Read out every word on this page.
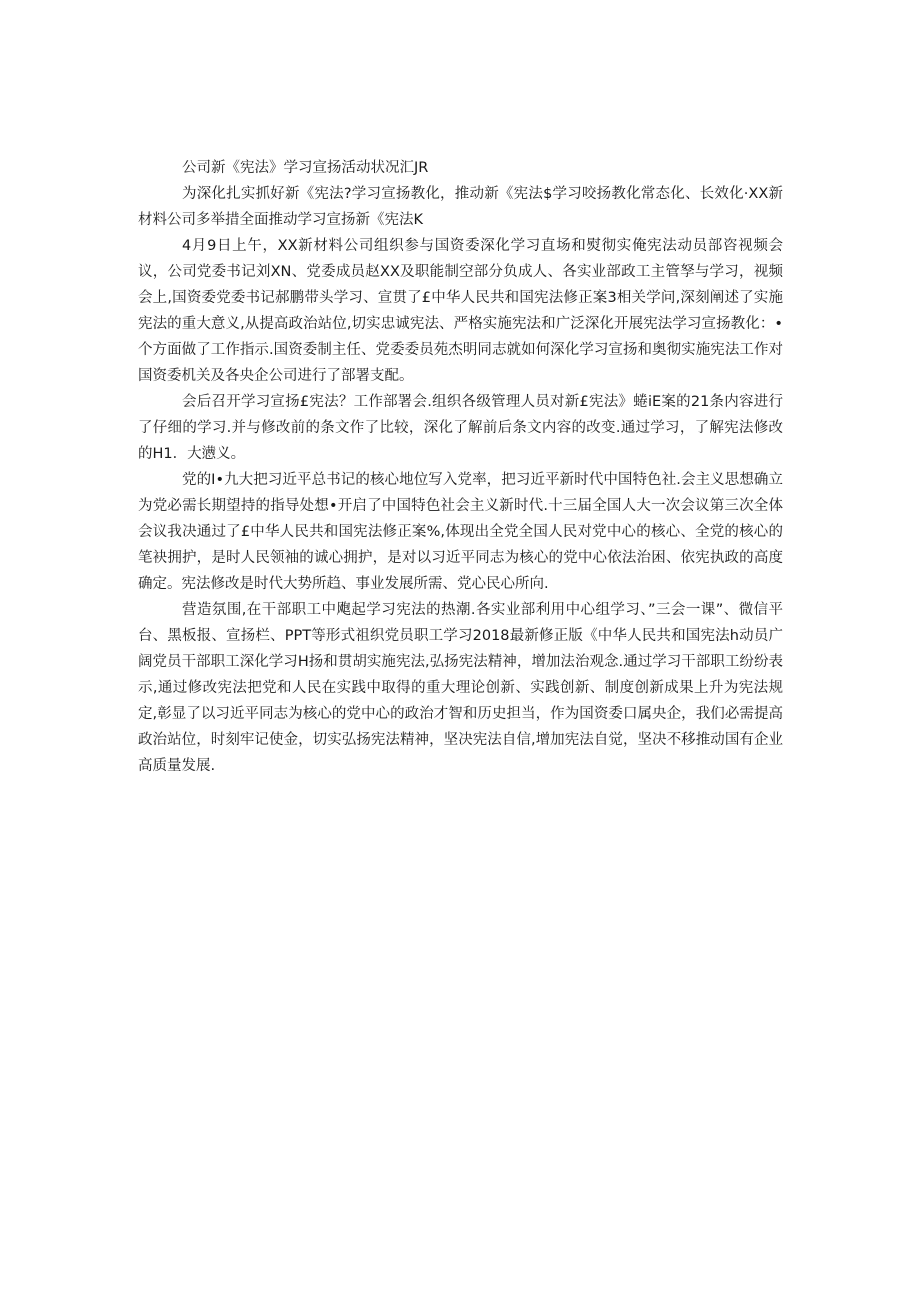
公司新《宪法》学习宣扬活动状况汇JR

为深化扎实抓好新《宪法?学习宣扬教化，推动新《宪法$学习咬扬教化常态化、长效化·XX新材料公司多举措全面推动学习宣扬新《宪法K

4月9日上午，XX新材料公司组织参与国资委深化学习直场和熨彻实俺宪法动员部咨视频会议，公司党委书记刘XN、党委成员赵XX及职能制空部分负成人、各实业部政工主管孥与学习，视频会上,国资委党委书记郝鹏带头学习、宣贯了£中华人民共和国宪法修正案3相关学问,深刻阐述了实施宪法的重大意义,从提高政治站位,切实忠诚宪法、严格实施宪法和广泛深化开展宪法学习宣扬教化：•个方面做了工作指示.国资委制主任、党委委员苑杰明同志就如何深化学习宣扬和奥彻实施宪法工作对国资委机关及各央企公司进行了部署支配。

会后召开学习宣扬£宪法？工作部署会.组织各级管理人员对新£宪法》蜷iE案的21条内容进行了仔细的学习.并与修改前的条文作了比较，深化了解前后条文内容的改变.通过学习，了解宪法修改的H1．大懑义。

党的I•九大把习近平总书记的核心地位写入党率，把习近平新时代中国特色社.会主义思想确立为党必需长期望持的指导处想•开启了中国特色社会主义新时代.十三届全国人大一次会议第三次全体会议我决通过了£中华人民共和国宪法修正案%,体现出全党全国人民对党中心的核心、全党的核心的笔袂拥护，是时人民领袖的诚心拥护，是对以习近平同志为核心的党中心依法治困、依宪执政的高度确定。宪法修改是时代大势所趋、事业发展所需、党心民心所向.

营造氛围,在干部职工中飑起学习宪法的热潮.各实业部利用中心组学习、”三会一课”、微信平台、黑板报、宣扬栏、PPT等形式祖织党员职工学习2018最新修正版《中华人民共和国宪法h动员广阔党员干部职工深化学习H扬和贯胡实施宪法,弘扬宪法精神，增加法治观念.通过学习干部职工纷纷表示,通过修改宪法把党和人民在实践中取得的重大理论创新、实践创新、制度创新成果上升为宪法规定,彰显了以习近平同志为核心的党中心的政治才智和历史担当，作为国资委口属央企，我们必需提高政治站位，时刻牢记使金，切实弘扬宪法精神，坚决宪法自信,增加宪法自觉，坚决不移推动国有企业高质量发展.
